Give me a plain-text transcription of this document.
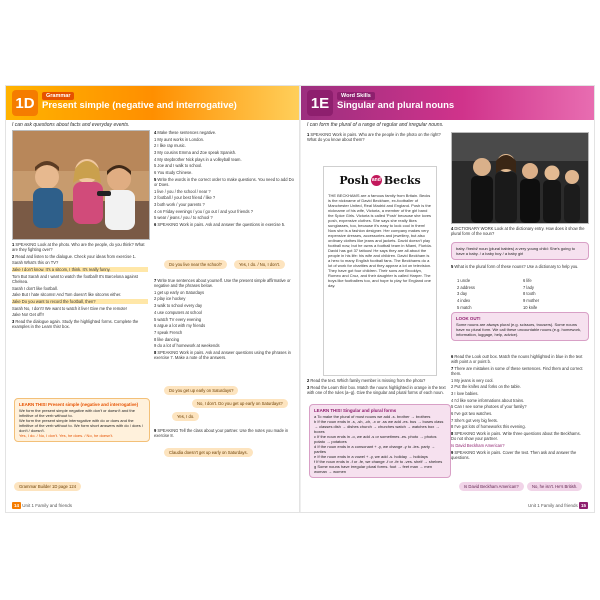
1D	Grammar
Present simple (negative and interrogative)
I can ask questions about facts and everyday events.

1 SPEAKING Look at the photo. Who are the people, do you think? What are they fighting over?

2 Read and listen to the dialogue. Check your ideas from exercise 1.

Sarah What's this on TV?

Jake I don't know. It's a sitcom, I think. It's really funny.

Tom But Sarah and I want to watch the football! It's Barcelona against Chelsea.

Sarah I don't like football.

Jake But I hate sitcoms! And Tom doesn't like sitcoms either.

Jake Do you want to record the football, then?

Sarah No, I don't! We want to watch it live! Give me the remote!

Jake No! Get off!!

3 Read the dialogue again. Study the highlighted forms. Complete the examples in the Learn this! box.

LEARN THIS! Present simple (negative and interrogative)
We form the present simple negative with don't or doesn't and the infinitive of the verb without to.
We form the present simple interrogative with do or does and the infinitive of the verb without to. We form short answers with do / does / don't / doesn't.
Yes, I do. / No, I don't. Yes, he does. / No, he doesn't.
Grammar Builder 1D page 124

4 Make these sentences negative.

1 My aunt works in London.

2 I like rap music.

3 My cousins Emma and Zoe speak Spanish.

4 My stepbrother Nick plays in a volleyball team.

5 Joe and I walk to school.

6 You study Chinese.

5 Write the words in the correct order to make questions. You need to add Do or Does.

1 live / you / the school / near ?

2 football / your best friend / like ?

3 both work / your parents ?

4 on Friday evenings / you / go out / and your friends ?

5 wear / jeans / you / to school ?

6 SPEAKING Work in pairs. Ask and answer the questions in exercise 5.

Do you live near the school?	Yes, I do. / No, I don't.

7 Write true sentences about yourself. Use the present simple affirmative or negative and the phrases below.

1 get up early on Saturdays

2 play ice hockey

3 walk to school every day

4 use computers at school

5 watch TV every evening

6 argue a lot with my friends

7 speak French

8 like dancing

9 do a lot of homework at weekends

8 SPEAKING Work in pairs. Ask and answer questions using the phrases in exercise 7. Make a note of the answers.

Do you get up early on Saturdays?
No, I don't. Do you get up early on Saturdays?
Yes, I do.

9 SPEAKING Tell the class about your partner. Use the notes you made in exercise 8.

Claudia doesn't get up early on Saturdays.
14 Unit 1 Family and friends
1E	Word Skills
Singular and plural nouns
I can form the plural of a range of regular and irregular nouns.

1 SPEAKING Work in pairs. Who are the people in the photo on the right? What do you know about them?

Posh and Becks
THE BECKHAMS are a famous family from Britain. Becks is the nickname of David Beckham, ex-footballer of Manchester United, Real Madrid and England. Posh is the nickname of his wife, Victoria, a member of the girl band the Spice Girls. Victoria is called 'Posh' because she loves posh, expensive clothes. She says she really likes sunglasses, too, because it's easy to look cool in them! Now she is a fashion designer. Her company makes very expensive dresses, accessories and jewellery, but also ordinary clothes like jeans and jackets. David doesn't play football now, but he owns a football team in Miami, Florida. David has got 37 tattoos! He says they are all about the people in his life: his wife and children. David Beckham is a hero to many English football fans. The Beckhams do a lot of work for charities and they appear a lot on television. They have got four children. Their sons are Brooklyn, Romeo and Cruz, and their daughter is called Harper. The boys like footballers too, and hope to play for England one day.

4 DICTIONARY WORK Look at the dictionary entry. How does it show the plural form of the noun?

baby /'beɪbi/ noun (plural babies) a very young child: She's going to have a baby. / a baby boy / a baby girl

5 What is the plural form of these nouns? Use a dictionary to help you.

1 uncle

2 address

3 day

4 index

5 match

6 life

7 lady

8 tooth

9 mother

10 knife

LOOK OUT!
Some nouns are always plural (e.g. scissors, trousers). Some nouns have no plural form. We call these uncountable nouns (e.g. homework, information, luggage, help, advice).

6 Read the Look out! box. Match the nouns highlighted in blue in the text with point a or point b.

7 There are mistakes in some of these sentences. Find them and correct them.

1 My jeans is very cool.

2 Put the knifes and forks on the table.

3 I love babies.

4 I'd like some informations about trains.

5 Can I see some photoes of your family?

6 I've got two watches.

7 She's got very big feets.

8 I've got lots of homeworks this evening.

8 SPEAKING Work in pairs. Write three questions about the Beckhams. Do not show your partner.

Is David Beckham American?

9 SPEAKING Work in pairs. Cover the text. Then ask and answer the questions.

Is David Beckham American?	No, he isn't. He's British.

2 Read the text. Which family member is missing from the photo?

3 Read the Learn this! box. Match the nouns highlighted in orange in the text with one of the rules (a–g). Give the singular and plural forms of each noun.

LEARN THIS! Singular and plural forms
a To make the plural of most nouns we add -s. brother → brothers
b If the noun ends in -s, -sh, -ch, -x or -ss we add -es. bus → buses class → classes dish → dishes church → churches watch → watches box → boxes
c If the noun ends in -o, we add -s or sometimes -es. photo → photos potato → potatoes
d If the noun ends in a consonant + -y, we change -y to -ies. party → parties
e If the noun ends in a vowel + -y, we add -s. holiday → holidays
f If the noun ends in -f or -fe, we change -f or -fe to -ves. shelf → shelves
g Some nouns have irregular plural forms. foot → feet man → men woman → women
Unit 1 Family and friends 15
